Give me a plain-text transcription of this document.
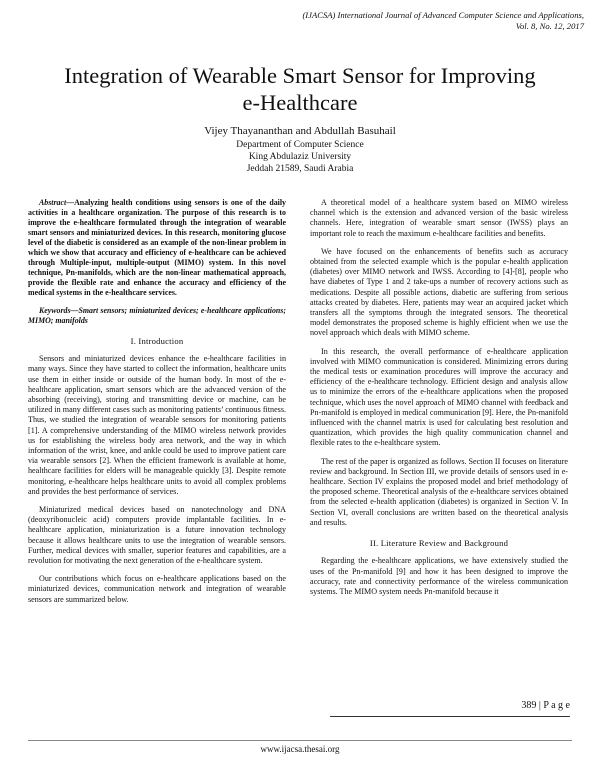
(IJACSA) International Journal of Advanced Computer Science and Applications,
Vol. 8, No. 12, 2017
Integration of Wearable Smart Sensor for Improving
e-Healthcare
Vijey Thayananthan and Abdullah Basuhail
Department of Computer Science
King Abdulaziz University
Jeddah 21589, Saudi Arabia

Abstract—Analyzing health conditions using sensors is one of the daily activities in a healthcare organization. The purpose of this research is to improve the e-healthcare formulated through the integration of wearable smart sensors and miniaturized devices. In this research, monitoring glucose level of the diabetic is considered as an example of the non-linear problem in which we show that accuracy and efficiency of e-healthcare can be achieved through Multiple-input, multiple-output (MIMO) system. In this novel technique, Pn-manifolds, which are the non-linear mathematical approach, provide the flexible rate and enhance the accuracy and efficiency of the medical systems in the e-healthcare services.

Keywords—Smart sensors; miniaturized devices; e-healthcare applications; MIMO; manifolds

I. Introduction

Sensors and miniaturized devices enhance the e-healthcare facilities in many ways. Since they have started to collect the information, healthcare units use them in either inside or outside of the human body. In most of the e-healthcare application, smart sensors which are the advanced version of the absorbing (receiving), storing and transmitting device or machine, can be utilized in many different cases such as monitoring patients’ continuous fitness. Thus, we studied the integration of wearable sensors for monitoring patients [1]. A comprehensive understanding of the MIMO wireless network provides us for establishing the wireless body area network, and the way in which information of the wrist, knee, and ankle could be used to improve patient care via wearable sensors [2]. When the efficient framework is available at home, healthcare facilities for elders will be manageable quickly [3]. Despite remote monitoring, e-healthcare helps healthcare units to avoid all complex problems and provides the best performance of services.

Miniaturized medical devices based on nanotechnology and DNA (deoxyribonucleic acid) computers provide implantable facilities. In e-healthcare application, miniaturization is a future innovation technology because it allows healthcare units to use the integration of wearable sensors. Further, medical devices with smaller, superior features and capabilities, are a revolution for motivating the next generation of the e-healthcare system.

Our contributions which focus on e-healthcare applications based on the miniaturized devices, communication network and integration of wearable sensors are summarized below.

A theoretical model of a healthcare system based on MIMO wireless channel which is the extension and advanced version of the basic wireless channels. Here, integration of wearable smart sensor (IWSS) plays an important role to reach the maximum e-healthcare facilities and benefits.

We have focused on the enhancements of benefits such as accuracy obtained from the selected example which is the popular e-health application (diabetes) over MIMO network and IWSS. According to [4]-[8], people who have diabetes of Type 1 and 2 take-ups a number of recovery actions such as medications. Despite all possible actions, diabetic are suffering from serious attacks created by diabetes. Here, patients may wear an acquired jacket which transfers all the symptoms through the integrated sensors. The theoretical model demonstrates the proposed scheme is highly efficient when we use the novel approach which deals with MIMO scheme.

In this research, the overall performance of e-healthcare application involved with MIMO communication is considered. Minimizing errors during the medical tests or examination procedures will improve the accuracy and efficiency of the e-healthcare technology. Efficient design and analysis allow us to minimize the errors of the e-healthcare applications when the proposed technique, which uses the novel approach of MIMO channel with feedback and Pn-manifold is employed in medical communication [9]. Here, the Pn-manifold influenced with the channel matrix is used for calculating best resolution and quantization, which provides the high quality communication channel and flexible rates to the e-healthcare system.

The rest of the paper is organized as follows. Section II focuses on literature review and background. In Section III, we provide details of sensors used in e-healthcare. Section IV explains the proposed model and brief methodology of the proposed scheme. Theoretical analysis of the e-healthcare services obtained from the selected e-health application (diabetes) is organized in Section V. In Section VI, overall conclusions are written based on the theoretical analysis and results.

II. Literature Review and Background

Regarding the e-healthcare applications, we have extensively studied the uses of the Pn-manifold [9] and how it has been designed to improve the accuracy, rate and connectivity performance of the wireless communication systems. The MIMO system needs Pn-manifold because it

389 | P a g e
www.ijacsa.thesai.org
